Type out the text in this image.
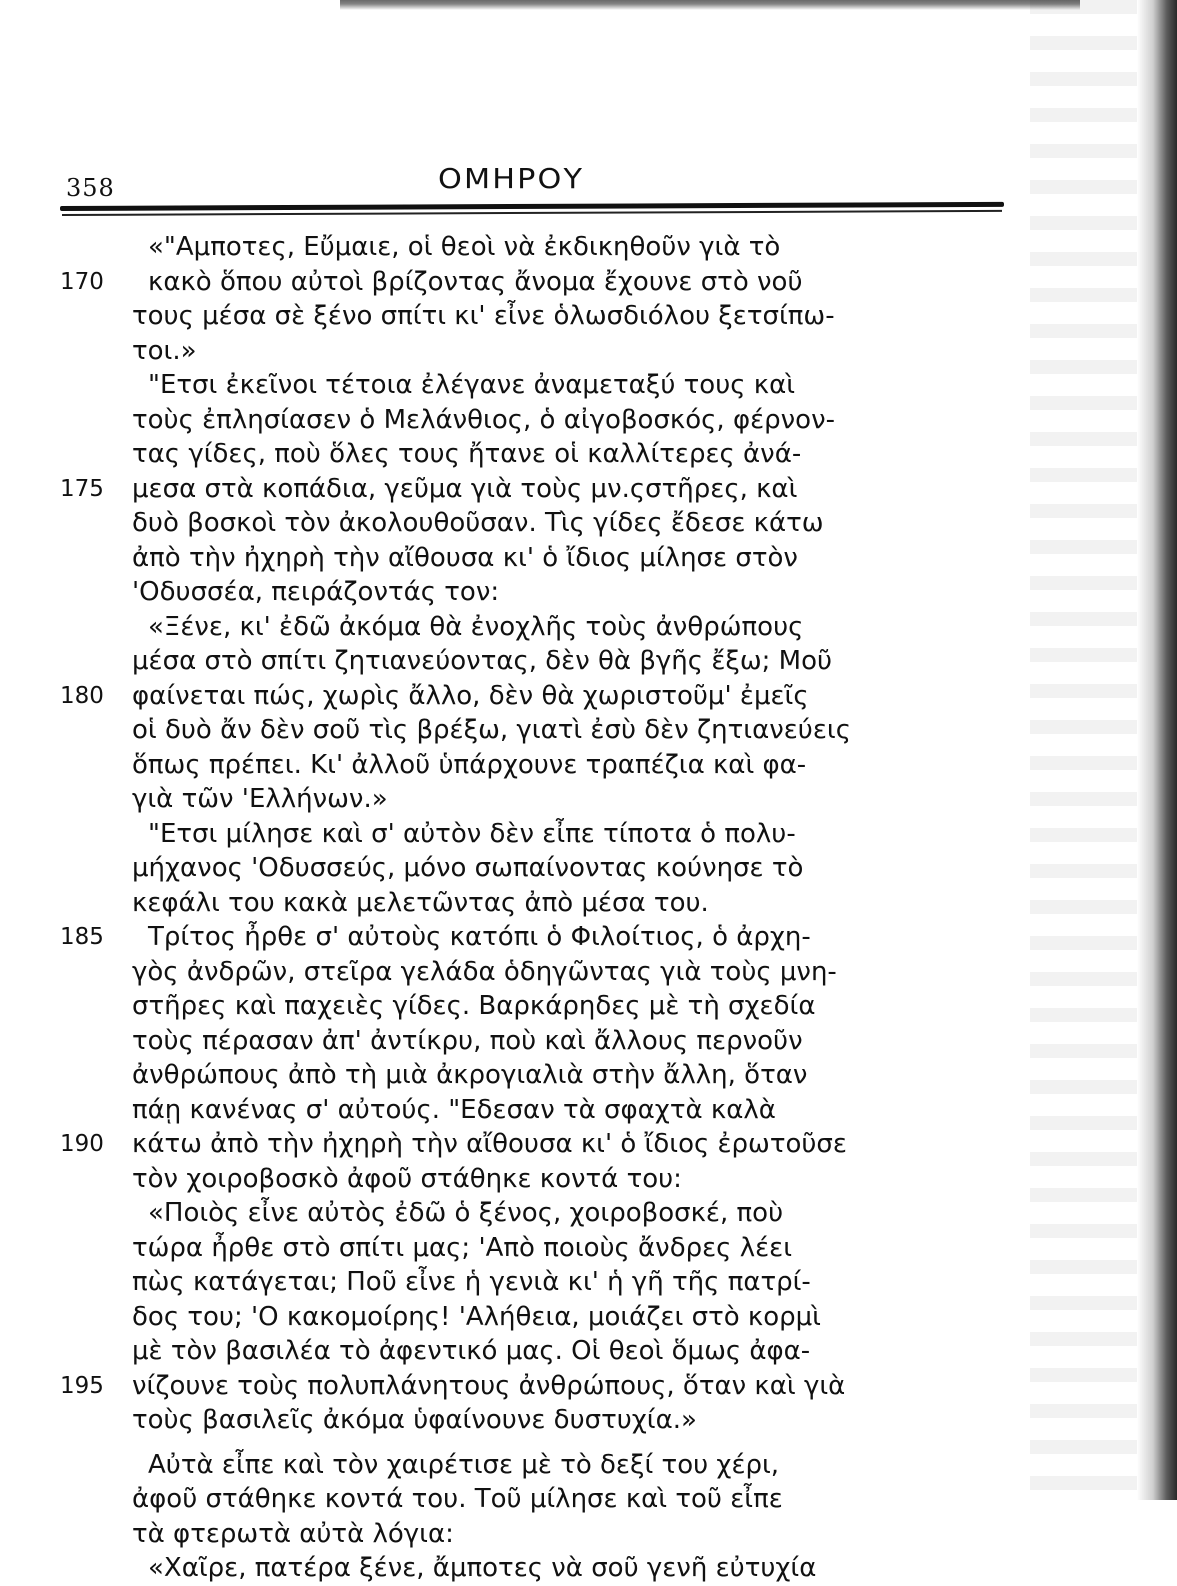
358	ΟΜΗΡΟΥ
«"Αμποτες, Εὔμαιε, οἱ θεοὶ νὰ ἐκδικηθοῦν γιὰ τὸ
170	κακὸ ὅπου αὐτοὶ βρίζοντας ἄνομα ἔχουνε στὸ νοῦ
τους μέσα σὲ ξένο σπίτι κι' εἶνε ὁλωσδιόλου ξετσίπω-
τοι.»
"Ετσι ἐκεῖνοι τέτοια ἐλέγανε ἀναμεταξύ τους καὶ
τοὺς ἐπλησίασεν ὁ Μελάνθιος, ὁ αἰγοβοσκός, φέρνον-
τας γίδες, ποὺ ὅλες τους ἤτανε οἱ καλλίτερες ἀνά-
175	μεσα στὰ κοπάδια, γεῦμα γιὰ τοὺς μν.ςστῆρες, καὶ
δυὸ βοσκοὶ τὸν ἀκολουθοῦσαν. Τὶς γίδες ἔδεσε κάτω
ἀπὸ τὴν ἠχηρὴ τὴν αἴθουσα κι' ὁ ἴδιος μίλησε στὸν
'Οδυσσέα, πειράζοντάς τον:
«Ξένε, κι' ἐδῶ ἀκόμα θὰ ἐνοχλῆς τοὺς ἀνθρώπους
μέσα στὸ σπίτι ζητιανεύοντας, δὲν θὰ βγῆς ἔξω; Μοῦ
180	φαίνεται πώς, χωρὶς ἄλλο, δὲν θὰ χωριστοῦμ' ἐμεῖς
οἱ δυὸ ἄν δὲν σοῦ τὶς βρέξω, γιατὶ ἐσὺ δὲν ζητιανεύεις
ὅπως πρέπει. Κι' ἀλλοῦ ὑπάρχουνε τραπέζια καὶ φα-
γιὰ τῶν 'Ελλήνων.»
"Ετσι μίλησε καὶ σ' αὐτὸν δὲν εἶπε τίποτα ὁ πολυ-
μήχανος 'Οδυσσεύς, μόνο σωπαίνοντας κούνησε τὸ
κεφάλι του κακὰ μελετῶντας ἀπὸ μέσα του.
185	Τρίτος ἦρθε σ' αὐτοὺς κατόπι ὁ Φιλοίτιος, ὁ ἀρχη-
γὸς ἀνδρῶν, στεῖρα γελάδα ὁδηγῶντας γιὰ τοὺς μνη-
στῆρες καὶ παχειὲς γίδες. Βαρκάρηδες μὲ τὴ σχεδία
τοὺς πέρασαν ἀπ' ἀντίκρυ, ποὺ καὶ ἄλλους περνοῦν
ἀνθρώπους ἀπὸ τὴ μιὰ ἀκρογιαλιὰ στὴν ἄλλη, ὅταν
πάῃ κανένας σ' αὐτούς. "Εδεσαν τὰ σφαχτὰ καλὰ
190	κάτω ἀπὸ τὴν ἠχηρὴ τὴν αἴθουσα κι' ὁ ἴδιος ἐρωτοῦσε
τὸν χοιροβοσκὸ ἀφοῦ στάθηκε κοντά του:
«Ποιὸς εἶνε αὐτὸς ἐδῶ ὁ ξένος, χοιροβοσκέ, ποὺ
τώρα ἦρθε στὸ σπίτι μας; 'Απὸ ποιοὺς ἄνδρες λέει
πὼς κατάγεται; Ποῦ εἶνε ἡ γενιὰ κι' ἡ γῆ τῆς πατρί-
δος του; 'Ο κακομοίρης! 'Αλήθεια, μοιάζει στὸ κορμὶ
μὲ τὸν βασιλέα τὸ ἀφεντικό μας. Οἱ θεοὶ ὅμως ἀφα-
195	νίζουνε τοὺς πολυπλάνητους ἀνθρώπους, ὅταν καὶ γιὰ
τοὺς βασιλεῖς ἀκόμα ὑφαίνουνε δυστυχία.»
Αὐτὰ εἶπε καὶ τὸν χαιρέτισε μὲ τὸ δεξί του χέρι,
ἀφοῦ στάθηκε κοντά του. Τοῦ μίλησε καὶ τοῦ εἶπε
τὰ φτερωτὰ αὐτὰ λόγια:
«Χαῖρε, πατέρα ξένε, ἄμποτες νὰ σοῦ γενῆ εὐτυχία
